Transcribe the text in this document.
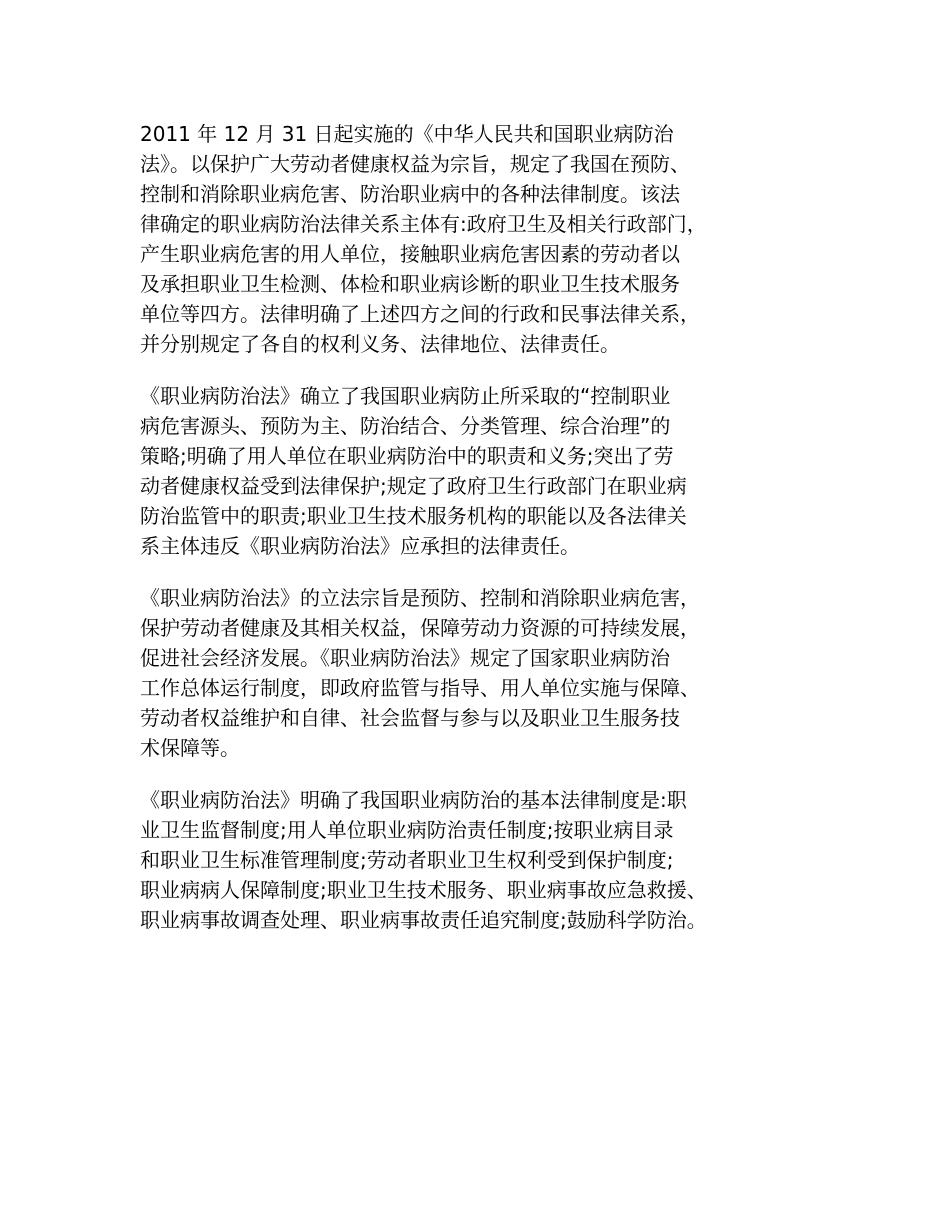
2011 年 12 月 31 日起实施的《中华人民共和国职业病防治
法》。以保护广大劳动者健康权益为宗旨，规定了我国在预防、
控制和消除职业病危害、防治职业病中的各种法律制度。该法
律确定的职业病防治法律关系主体有:政府卫生及相关行政部门，
产生职业病危害的用人单位，接触职业病危害因素的劳动者以
及承担职业卫生检测、体检和职业病诊断的职业卫生技术服务
单位等四方。法律明确了上述四方之间的行政和民事法律关系，
并分别规定了各自的权利义务、法律地位、法律责任。
《职业病防治法》确立了我国职业病防止所采取的“控制职业
病危害源头、预防为主、防治结合、分类管理、综合治理”的
策略;明确了用人单位在职业病防治中的职责和义务;突出了劳
动者健康权益受到法律保护;规定了政府卫生行政部门在职业病
防治监管中的职责;职业卫生技术服务机构的职能以及各法律关
系主体违反《职业病防治法》应承担的法律责任。
《职业病防治法》的立法宗旨是预防、控制和消除职业病危害，
保护劳动者健康及其相关权益，保障劳动力资源的可持续发展，
促进社会经济发展。《职业病防治法》规定了国家职业病防治
工作总体运行制度，即政府监管与指导、用人单位实施与保障、
劳动者权益维护和自律、社会监督与参与以及职业卫生服务技
术保障等。
《职业病防治法》明确了我国职业病防治的基本法律制度是:职
业卫生监督制度;用人单位职业病防治责任制度;按职业病目录
和职业卫生标准管理制度;劳动者职业卫生权利受到保护制度;
职业病病人保障制度;职业卫生技术服务、职业病事故应急救援、
职业病事故调查处理、职业病事故责任追究制度;鼓励科学防治。
